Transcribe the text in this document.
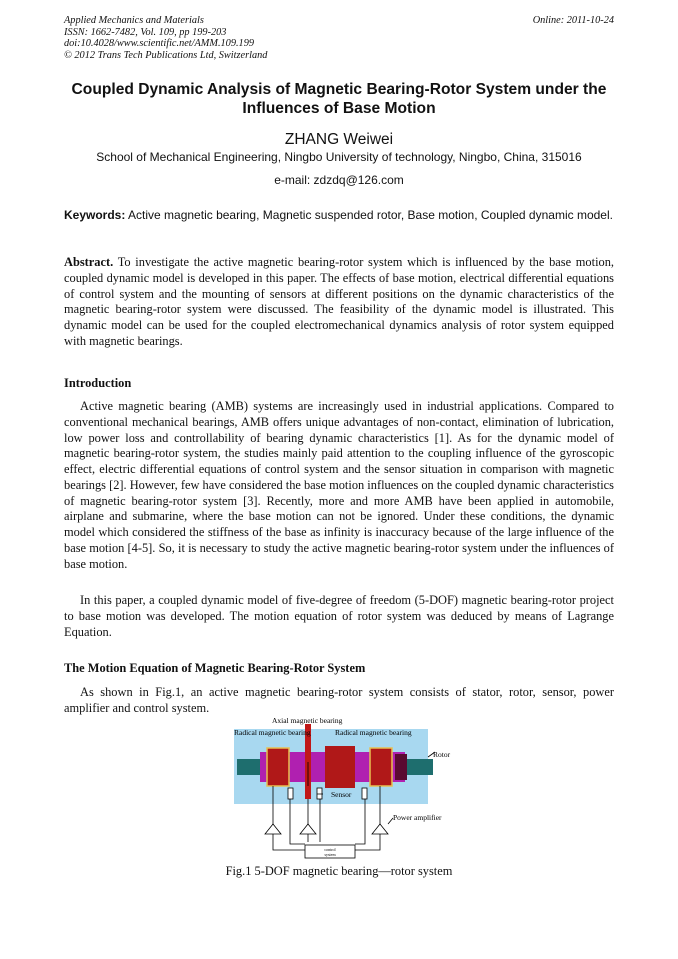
Applied Mechanics and Materials
ISSN: 1662-7482, Vol. 109, pp 199-203
doi:10.4028/www.scientific.net/AMM.109.199
© 2012 Trans Tech Publications Ltd, Switzerland
Online: 2011-10-24
Coupled Dynamic Analysis of Magnetic Bearing-Rotor System under the Influences of Base Motion
ZHANG Weiwei
School of Mechanical Engineering, Ningbo University of technology, Ningbo, China, 315016
e-mail: zdzdq@126.com
Keywords: Active magnetic bearing, Magnetic suspended rotor, Base motion, Coupled dynamic model.
Abstract. To investigate the active magnetic bearing-rotor system which is influenced by the base motion, coupled dynamic model is developed in this paper. The effects of base motion, electrical differential equations of control system and the mounting of sensors at different positions on the dynamic characteristics of the magnetic bearing-rotor system were discussed. The feasibility of the dynamic model is illustrated. This dynamic model can be used for the coupled electromechanical dynamics analysis of rotor system equipped with magnetic bearings.
Introduction
Active magnetic bearing (AMB) systems are increasingly used in industrial applications. Compared to conventional mechanical bearings, AMB offers unique advantages of non-contact, elimination of lubrication, low power loss and controllability of bearing dynamic characteristics [1]. As for the dynamic model of magnetic bearing-rotor system, the studies mainly paid attention to the coupling influence of the gyroscopic effect, electric differential equations of control system and the sensor situation in comparison with magnetic bearings [2]. However, few have considered the base motion influences on the coupled dynamic characteristics of magnetic bearing-rotor system [3]. Recently, more and more AMB have been applied in automobile, airplane and submarine, where the base motion can not be ignored. Under these conditions, the dynamic model which considered the stiffness of the base as infinity is inaccuracy because of the large influence of the base motion [4-5]. So, it is necessary to study the active magnetic bearing-rotor system under the influences of base motion.
In this paper, a coupled dynamic model of five-degree of freedom (5-DOF) magnetic bearing-rotor project to base motion was developed. The motion equation of rotor system was deduced by means of Lagrange Equation.
The Motion Equation of Magnetic Bearing-Rotor System
As shown in Fig.1, an active magnetic bearing-rotor system consists of stator, rotor, sensor, power amplifier and control system.
Axial magnetic bearing
Radical magnetic bearing	Radical magnetic bearing
Rotor
Sensor
Power amplifier
control
system
Fig.1 5-DOF magnetic bearing—rotor system
